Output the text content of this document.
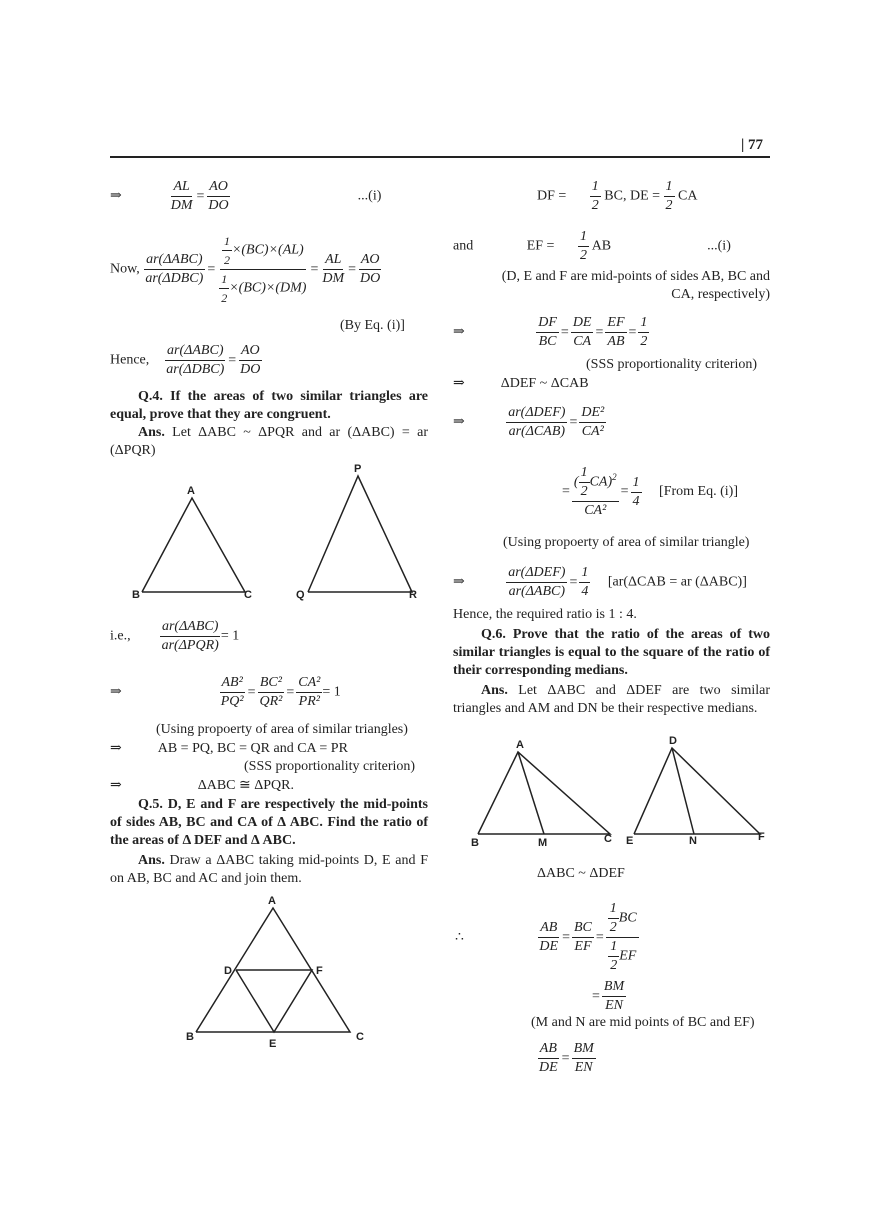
| 77
⇒	$\frac{AL}{DM} = \frac{AO}{DO}$	...(i)
Now, $\frac{\text{ar(ΔABC)}}{\text{ar(ΔDBC)}} = \frac{\frac{1}{2} \times(BC)\times(AL)}{\frac{1}{2} \times(BC)\times(DM)} = \frac{AL}{DM} = \frac{AO}{DO}$
(By Eq. (i)]
Hence, $\frac{\text{ar(ΔABC)}}{\text{ar(ΔDBC)}} = \frac{AO}{DO}$
Q.4. If the areas of two similar triangles are equal, prove that they are congruent.
Ans. Let ΔABC ~ ΔPQR and ar (ΔABC) = ar (ΔPQR)
A
B	C
P
Q	R
i.e., $\frac{\text{ar(ΔABC)}}{\text{ar(ΔPQR)}} = 1$
⇒	$\frac{\text{AB²}}{\text{PQ²}} = \frac{\text{BC²}}{\text{QR²}} = \frac{\text{CA²}}{\text{PR²}} = 1$
(Using propoerty of area of similar triangles)
⇒	AB = PQ, BC = QR and CA = PR
(SSS proportionality criterion)
⇒	ΔABC ≅ ΔPQR.
Q.5. D, E and F are respectively the mid-points of sides AB, BC and CA of Δ ABC. Find the ratio of the areas of Δ DEF and Δ ABC.
Ans. Draw a ΔABC taking mid-points D, E and F on AB, BC and AC and join them.
A
B	C
D
E
F
DF = $\frac{1}{2}$ BC, DE = $\frac{1}{2}$ CA
and	EF = $\frac{1}{2}$ AB	...(i)
(D, E and F are mid-points of sides AB, BC and CA, respectively)
⇒	$\frac{DF}{BC} = \frac{DE}{CA} = \frac{EF}{AB} = \frac{1}{2}$
(SSS proportionality criterion)
⇒	ΔDEF ~ ΔCAB
⇒	$\frac{\text{ar(ΔDEF)}}{\text{ar(ΔCAB)}} = \frac{\text{DE²}}{\text{CA²}}$
= $\frac{( \frac{1}{2} CA)^2}{\text{CA²}} = \frac{1}{4}$ [From Eq. (i)]
(Using propoerty of area of similar triangle)
⇒	$\frac{\text{ar(ΔDEF)}}{\text{ar(ΔABC)}} = \frac{1}{4} [ar(\Delta CAB$ = ar (ΔABC)]
Hence, the required ratio is 1 : 4.
Q.6. Prove that the ratio of the areas of two similar triangles is equal to the square of the ratio of their corresponding medians.
Ans. Let ΔABC and ΔDEF are two similar triangles and AM and DN be their respective medians.
A
B	M	C
D
E	N	F
ΔABC ~ ΔDEF
∴	$\frac{AB}{DE} = \frac{BC}{EF} = \frac{\frac{1}{2} BC}{\frac{1}{2} EF}$
= $\frac{BM}{EN}$
(M and N are mid points of BC and EF)
$\frac{AB}{DE} = \frac{BM}{EN}$
